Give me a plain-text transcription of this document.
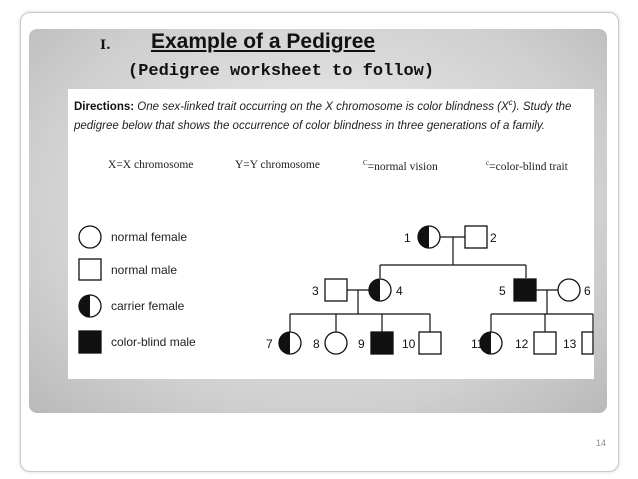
I. Example of a Pedigree
(Pedigree worksheet to follow)
Directions: One sex-linked trait occurring on the X chromosome is color blindness $(X^c)$. Study the pedigree below that shows the occurrence of color blindness in three generations of a family.
X=X chromosome	Y=Y chromosome	$^C$=normal vision	$^c$=color-blind trait
1	2
3	4	5	6
7	8	9	10	11	12	13
normal female
normal male
carrier female
color-blind male
14
